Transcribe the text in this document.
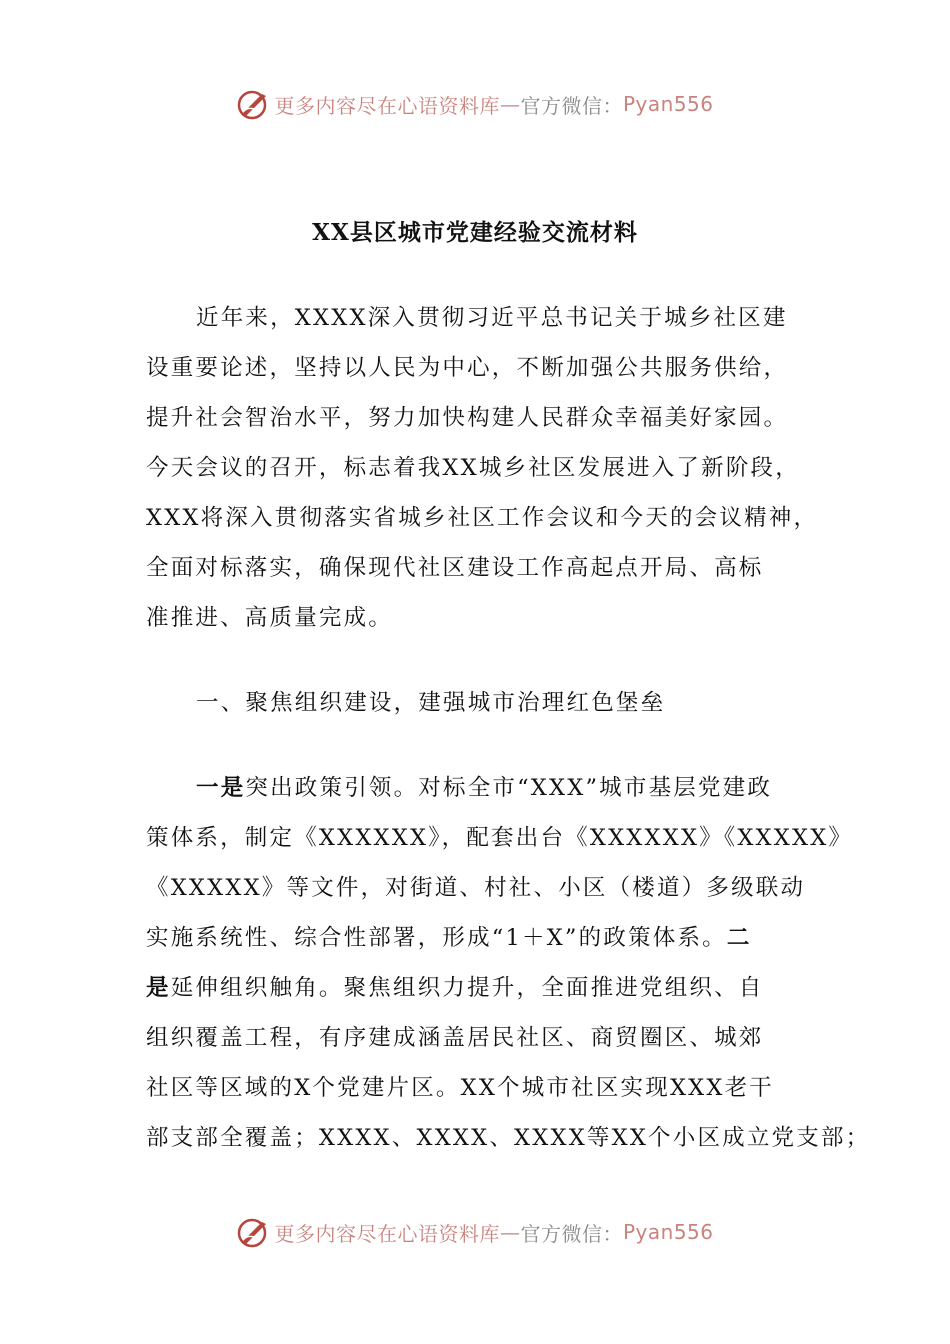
更多内容尽在心语资料库 — 官方微信： Pyan556
XX县区城市党建经验交流材料
近年来，XXXX深入贯彻习近平总书记关于城乡社区建
设重要论述，坚持以人民为中心，不断加强公共服务供给，
提升社会智治水平，努力加快构建人民群众幸福美好家园。
今天会议的召开，标志着我XX城乡社区发展进入了新阶段，
XXX将深入贯彻落实省城乡社区工作会议和今天的会议精神，
全面对标落实，确保现代社区建设工作高起点开局、高标
准推进、高质量完成。
一、聚焦组织建设，建强城市治理红色堡垒
一是突出政策引领。对标全市“XXX”城市基层党建政
策体系，制定《XXXXXX》，配套出台《XXXXXX》《XXXXX》
《XXXXX》等文件，对街道、村社、小区（楼道）多级联动
实施系统性、综合性部署，形成“1＋X”的政策体系。二
是延伸组织触角。聚焦组织力提升，全面推进党组织、自
组织覆盖工程，有序建成涵盖居民社区、商贸圈区、城郊
社区等区域的X个党建片区。XX个城市社区实现XXX老干
部支部全覆盖；XXXX、XXXX、XXXX等XX个小区成立党支部；
更多内容尽在心语资料库 — 官方微信： Pyan556
